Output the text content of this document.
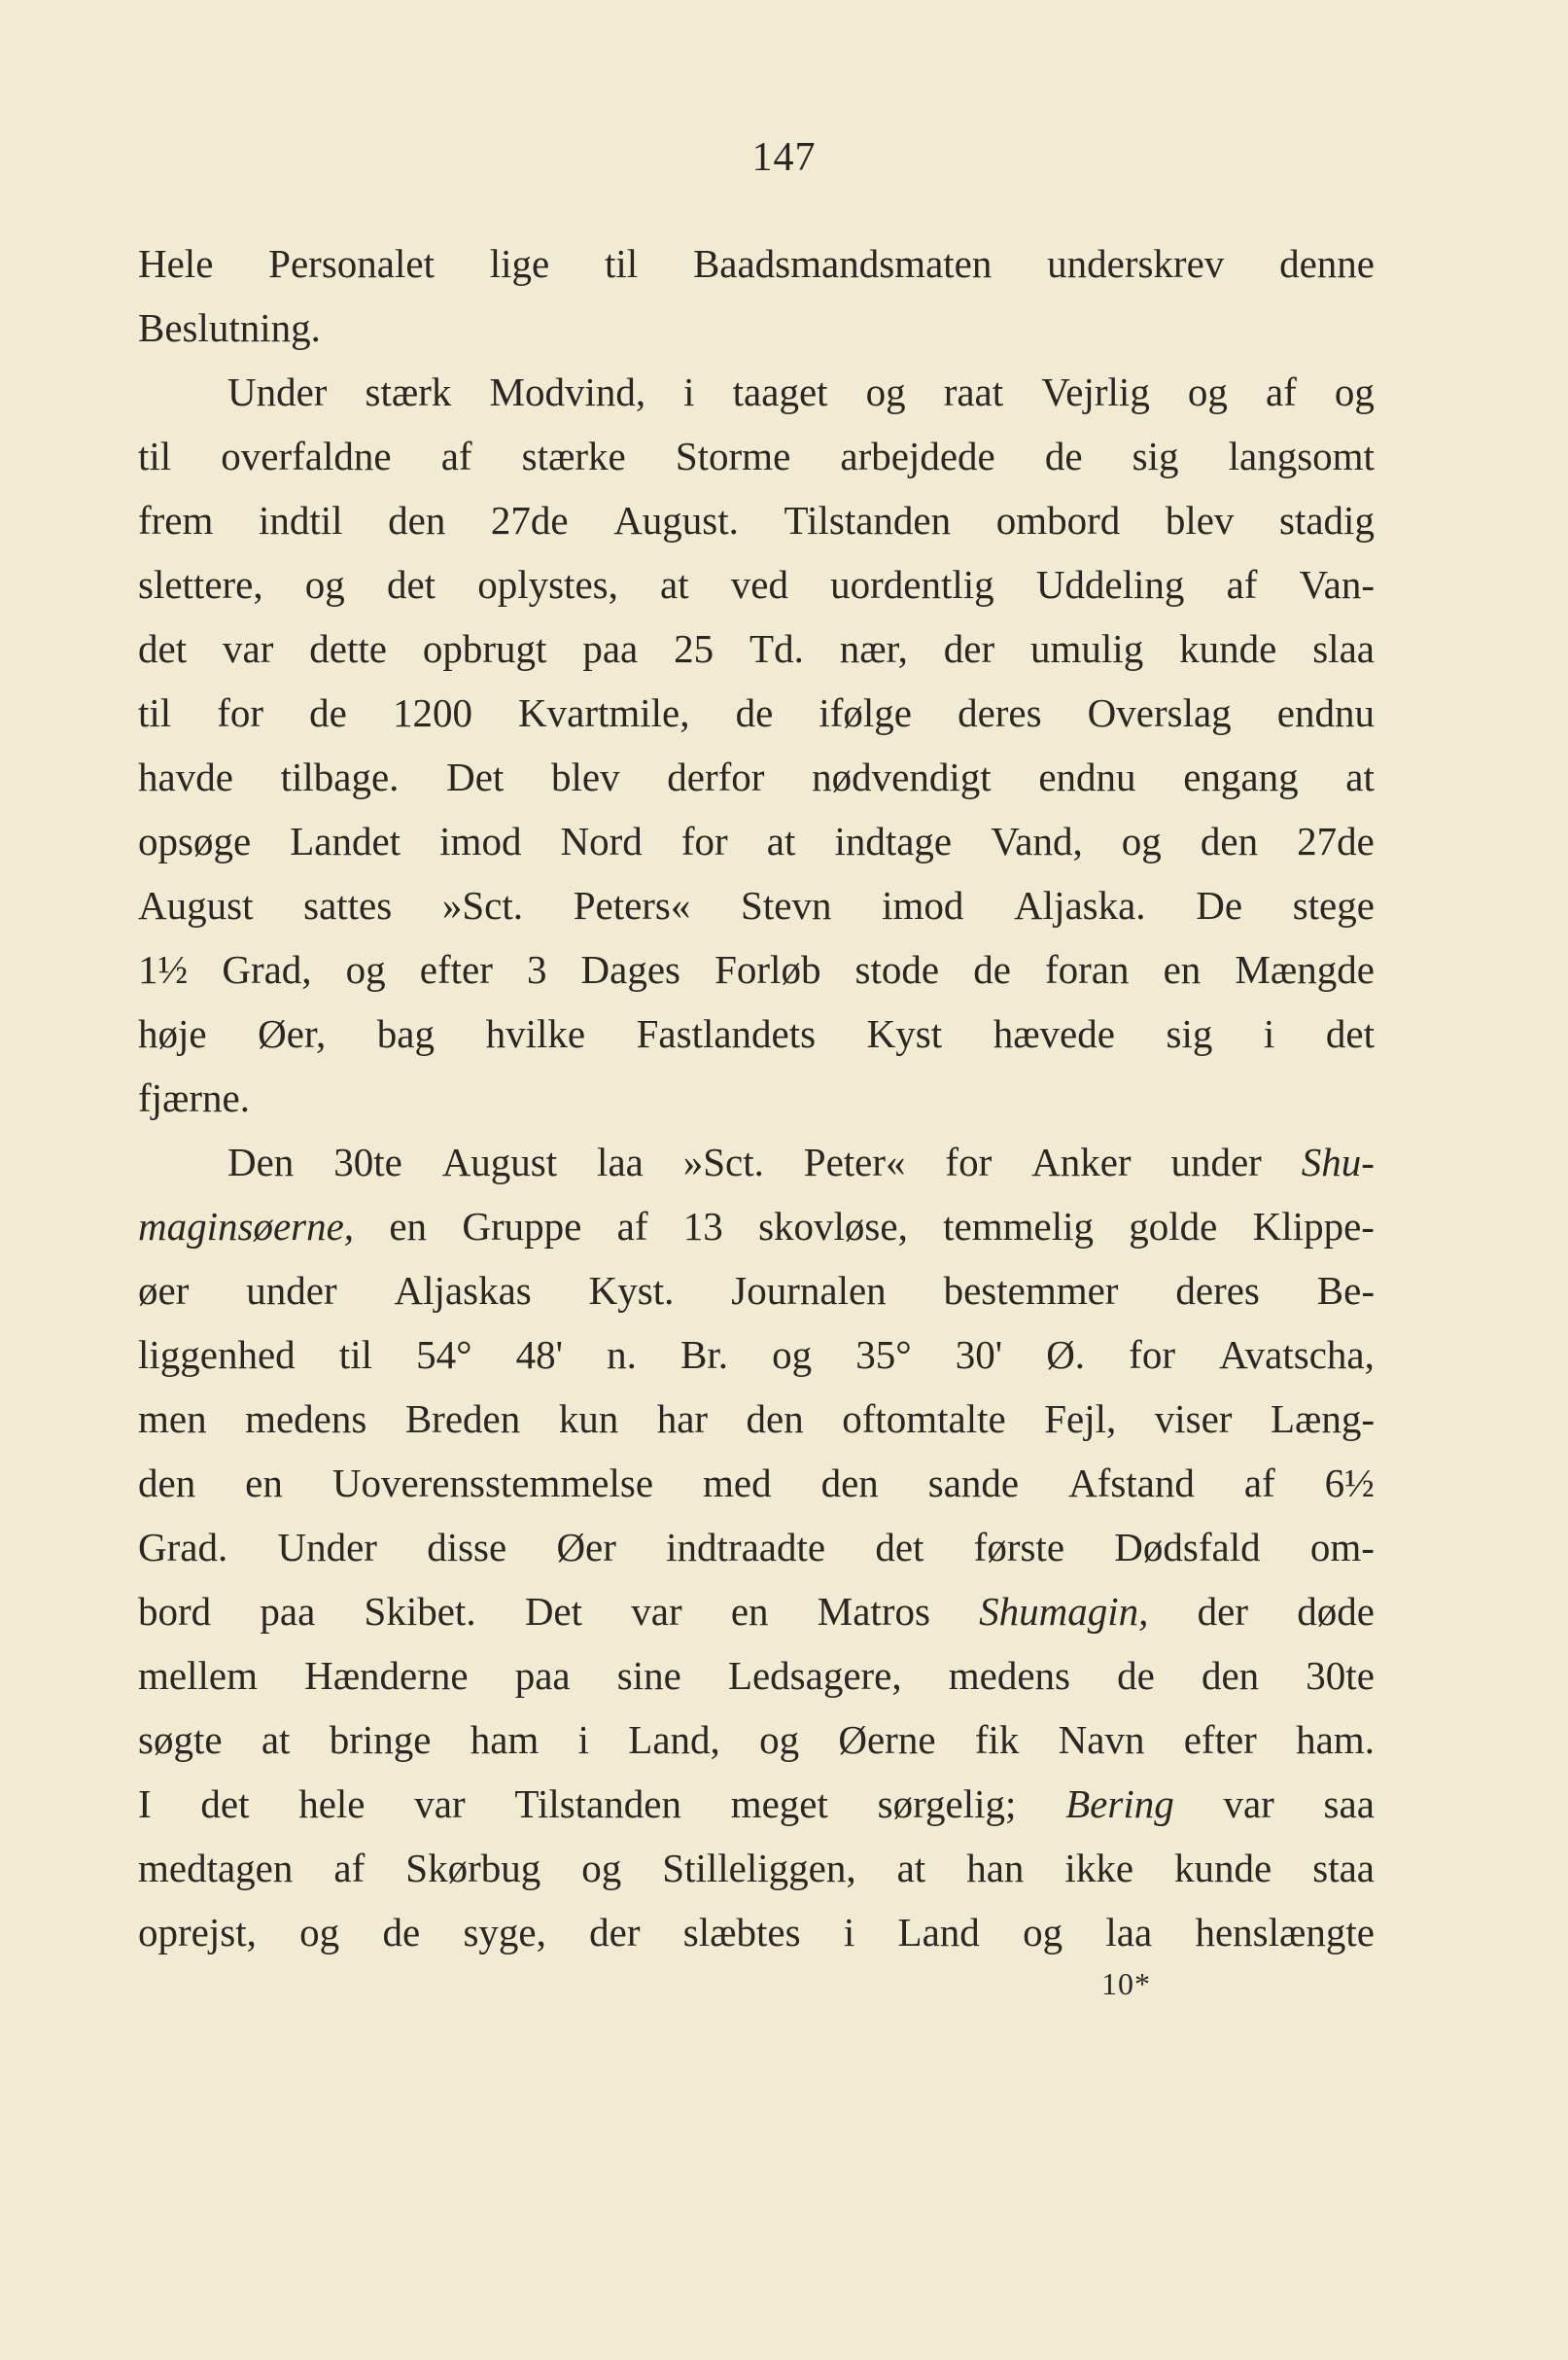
147
Hele Personalet lige til Baadsmandsmaten underskrev denne
Beslutning.
Under stærk Modvind, i taaget og raat Vejrlig og af og
til overfaldne af stærke Storme arbejdede de sig langsomt
frem indtil den 27de August. Tilstanden ombord blev stadig
slettere, og det oplystes, at ved uordentlig Uddeling af Van-
det var dette opbrugt paa 25 Td. nær, der umulig kunde slaa
til for de 1200 Kvartmile, de ifølge deres Overslag endnu
havde tilbage. Det blev derfor nødvendigt endnu engang at
opsøge Landet imod Nord for at indtage Vand, og den 27de
August sattes »Sct. Peters« Stevn imod Aljaska. De stege
1½ Grad, og efter 3 Dages Forløb stode de foran en Mængde
høje Øer, bag hvilke Fastlandets Kyst hævede sig i det
fjærne.
Den 30te August laa »Sct. Peter« for Anker under Shu-
maginsøerne, en Gruppe af 13 skovløse, temmelig golde Klippe-
øer under Aljaskas Kyst. Journalen bestemmer deres Be-
liggenhed til 54° 48' n. Br. og 35° 30' Ø. for Avatscha,
men medens Breden kun har den oftomtalte Fejl, viser Læng-
den en Uoverensstemmelse med den sande Afstand af 6½
Grad. Under disse Øer indtraadte det første Dødsfald om-
bord paa Skibet. Det var en Matros Shumagin, der døde
mellem Hænderne paa sine Ledsagere, medens de den 30te
søgte at bringe ham i Land, og Øerne fik Navn efter ham.
I det hele var Tilstanden meget sørgelig; Bering var saa
medtagen af Skørbug og Stilleliggen, at han ikke kunde staa
oprejst, og de syge, der slæbtes i Land og laa henslængte
10*
